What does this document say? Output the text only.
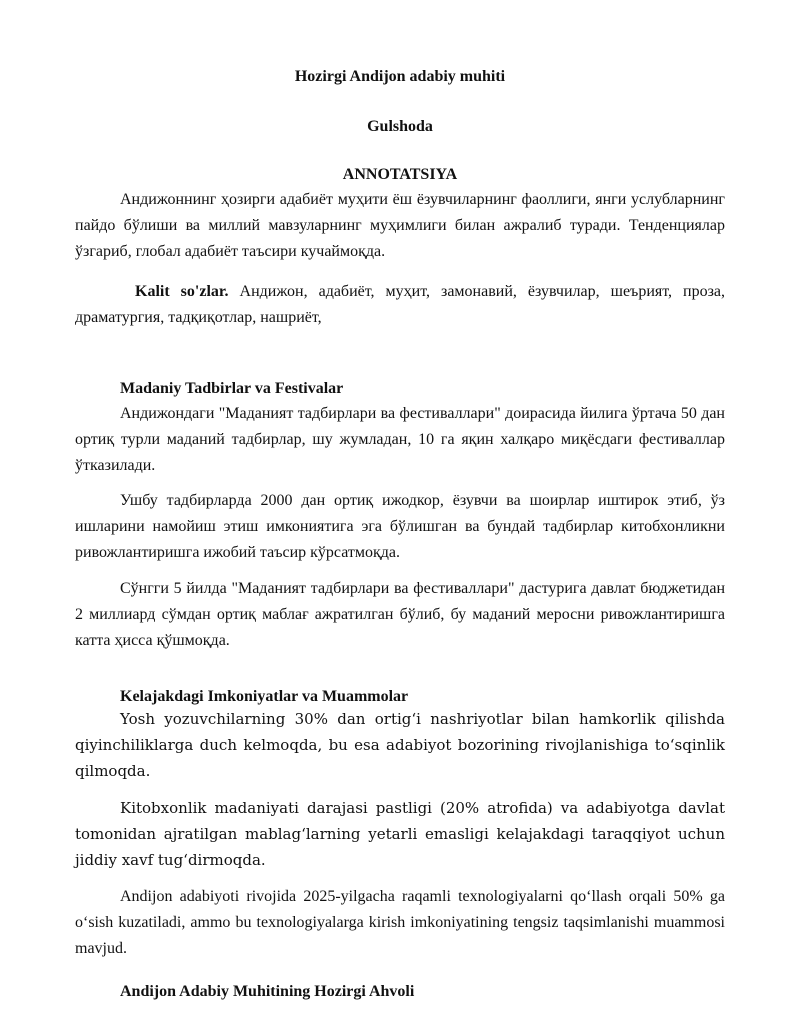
Hozirgi Andijon adabiy muhiti
Gulshoda
ANNOTATSIYA

Андижоннинг ҳозирги адабиёт муҳити ёш ёзувчиларнинг фаоллиги, янги услубларнинг пайдо бўлиши ва миллий мавзуларнинг муҳимлиги билан ажралиб туради. Тенденциялар ўзгариб, глобал адабиёт таъсири кучаймоқда.

Kalit so'zlar. Андижон, адабиёт, муҳит, замонавий, ёзувчилар, шеърият, проза, драматургия, тадқиқотлар, нашриёт,

Madaniy Tadbirlar va Festivalar

Андижондаги "Маданият тадбирлари ва фестиваллари" доирасида йилига ўртача 50 дан ортиқ турли маданий тадбирлар, шу жумладан, 10 га яқин халқаро миқёсдаги фестиваллар ўтказилади.

Ушбу тадбирларда 2000 дан ортиқ ижодкор, ёзувчи ва шоирлар иштирок этиб, ўз ишларини намойиш этиш имкониятига эга бўлишган ва бундай тадбирлар китобхонликни ривожлантиришга ижобий таъсир кўрсатмоқда.

Сўнгги 5 йилда "Маданият тадбирлари ва фестиваллари" дастурига давлат бюджетидан 2 миллиард сўмдан ортиқ маблағ ажратилган бўлиб, бу маданий меросни ривожлантиришга катта ҳисса қўшмоқда.

Kelajakdagi Imkoniyatlar va Muammolar

Yosh yozuvchilarning 30% dan ortigʻi nashriyotlar bilan hamkorlik qilishda qiyinchiliklarga duch kelmoqda, bu esa adabiyot bozorining rivojlanishiga toʻsqinlik qilmoqda.

Kitobxonlik madaniyati darajasi pastligi (20% atrofida) va adabiyotga davlat tomonidan ajratilgan mablagʻlarning yetarli emasligi kelajakdagi taraqqiyot uchun jiddiy xavf tugʻdirmoqda.

Andijon adabiyoti rivojida 2025-yilgacha raqamli texnologiyalarni qoʻllash orqali 50% ga oʻsish kuzatiladi, ammo bu texnologiyalarga kirish imkoniyatining tengsiz taqsimlanishi muammosi mavjud.

Andijon Adabiy Muhitining Hozirgi Ahvoli
